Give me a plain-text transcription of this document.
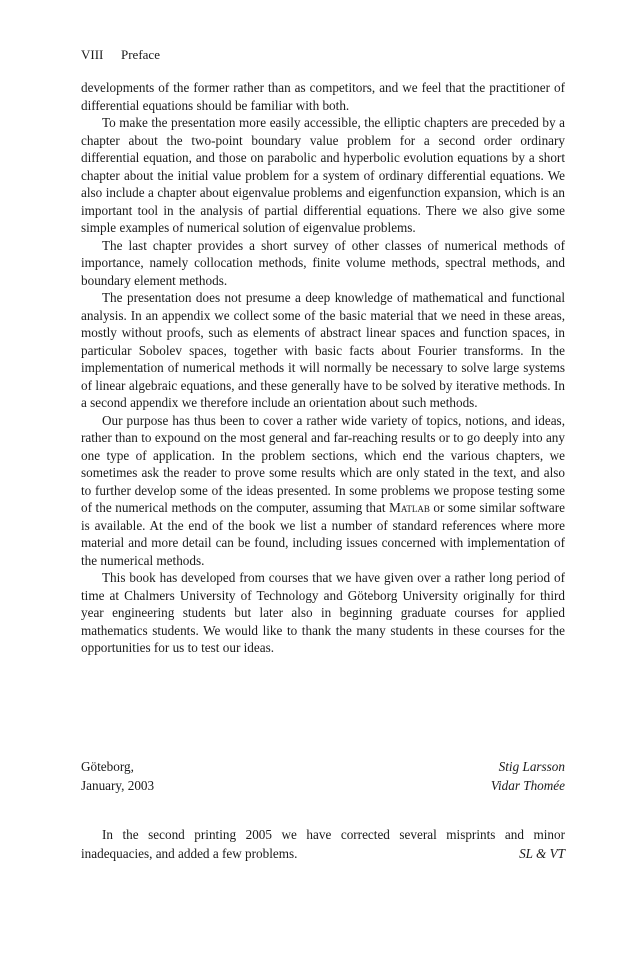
VIII Preface

developments of the former rather than as competitors, and we feel that the practitioner of differential equations should be familiar with both.

To make the presentation more easily accessible, the elliptic chapters are preceded by a chapter about the two-point boundary value problem for a second order ordinary differential equation, and those on parabolic and hyperbolic evolution equations by a short chapter about the initial value problem for a system of ordinary differential equations. We also include a chapter about eigenvalue problems and eigenfunction expansion, which is an important tool in the analysis of partial differential equations. There we also give some simple examples of numerical solution of eigenvalue problems.

The last chapter provides a short survey of other classes of numerical methods of importance, namely collocation methods, finite volume methods, spectral methods, and boundary element methods.

The presentation does not presume a deep knowledge of mathematical and functional analysis. In an appendix we collect some of the basic material that we need in these areas, mostly without proofs, such as elements of abstract linear spaces and function spaces, in particular Sobolev spaces, together with basic facts about Fourier transforms. In the implementation of numerical methods it will normally be necessary to solve large systems of linear algebraic equations, and these generally have to be solved by iterative methods. In a second appendix we therefore include an orientation about such methods.

Our purpose has thus been to cover a rather wide variety of topics, notions, and ideas, rather than to expound on the most general and far-reaching results or to go deeply into any one type of application. In the problem sections, which end the various chapters, we sometimes ask the reader to prove some results which are only stated in the text, and also to further develop some of the ideas presented. In some problems we propose testing some of the numerical methods on the computer, assuming that Matlab or some similar software is available. At the end of the book we list a number of standard references where more material and more detail can be found, including issues concerned with implementation of the numerical methods.

This book has developed from courses that we have given over a rather long period of time at Chalmers University of Technology and Göteborg University originally for third year engineering students but later also in beginning graduate courses for applied mathematics students. We would like to thank the many students in these courses for the opportunities for us to test our ideas.

Göteborg,	Stig Larsson
January, 2003	Vidar Thomée

In the second printing 2005 we have corrected several misprints and minor inadequacies, and added a few problems.	SL & VT
